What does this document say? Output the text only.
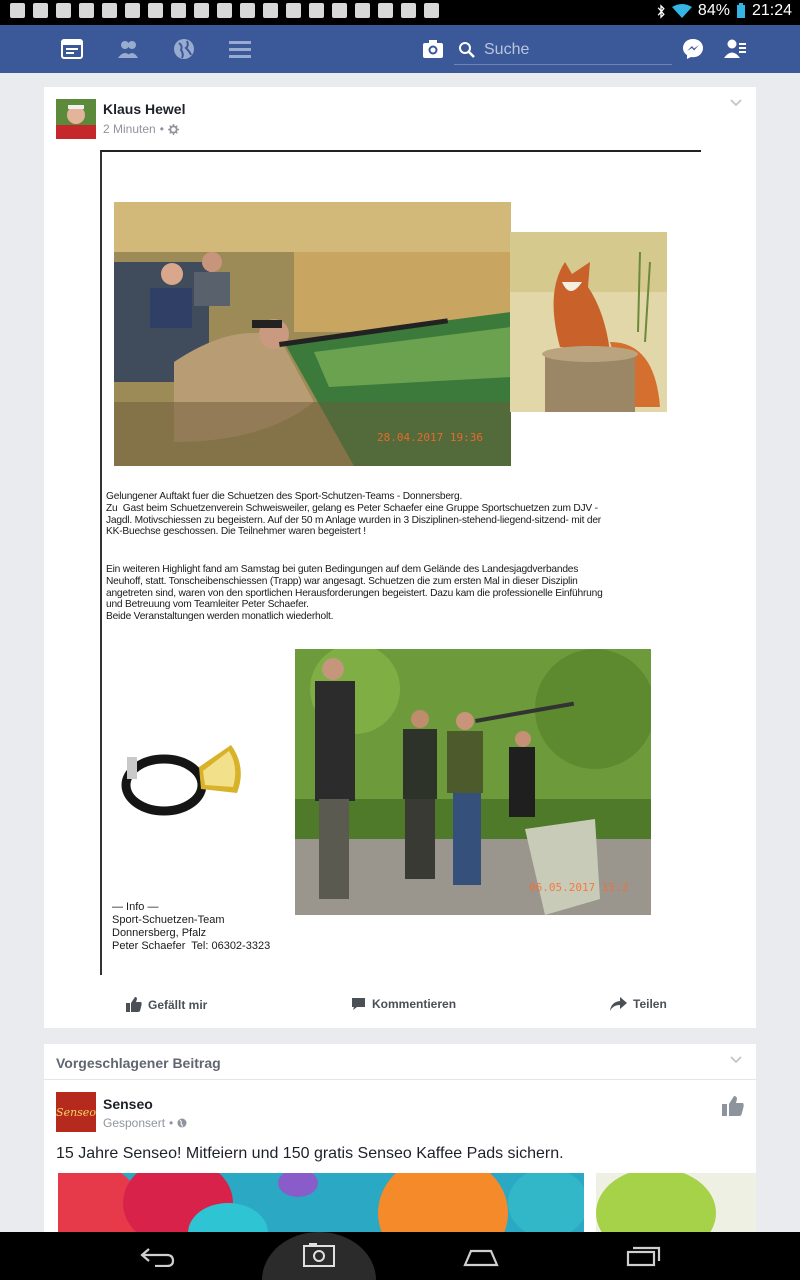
84% 21:24
Suche
Klaus Hewel
2 Minuten •
28.04.2017 19:36
Gelungener Auftakt fuer die Schuetzen des Sport-Schutzen-Teams - Donnersberg.
Zu  Gast beim Schuetzenverein Schweisweiler, gelang es Peter Schaefer eine Gruppe Sportschuetzen zum DJV -
Jagdl. Motivschiessen zu begeistern. Auf der 50 m Anlage wurden in 3 Disziplinen-stehend-liegend-sitzend- mit der
KK-Buechse geschossen. Die Teilnehmer waren begeistert !
Ein weiteren Highlight fand am Samstag bei guten Bedingungen auf dem Gelände des Landesjagdverbandes
Neuhoff, statt. Tonscheibenschiessen (Trapp) war angesagt. Schuetzen die zum ersten Mal in dieser Disziplin
angetreten sind, waren von den sportlichen Herausforderungen begeistert. Dazu kam die professionelle Einführung
und Betreuung vom Teamleiter Peter Schaefer.
Beide Veranstaltungen werden monatlich wiederholt.
06.05.2017 15:2
— Info —
Sport-Schuetzen-Team
Donnersberg, Pfalz
Peter Schaefer  Tel: 06302-3323
Gefällt mir	Kommentieren	Teilen
Vorgeschlagener Beitrag
Senseo Senseo
Gesponsert •
15 Jahre Senseo! Mitfeiern und 150 gratis Senseo Kaffee Pads sichern.
